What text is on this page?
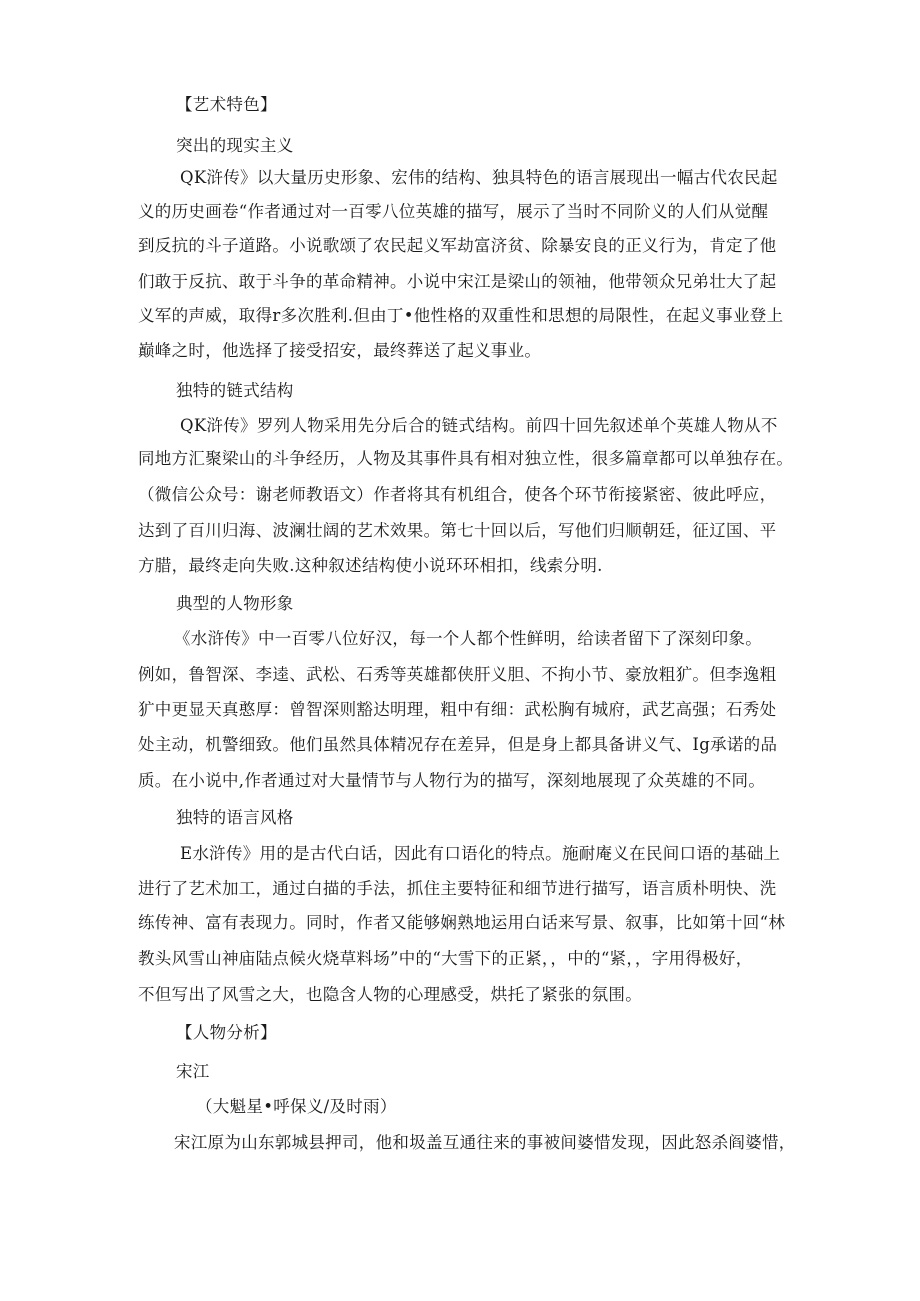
【艺术特色】
突出的现实主义
QK浒传》以大量历史形象、宏伟的结构、独具特色的语言展现出一幅古代农民起
义的历史画卷“作者通过对一百零八位英雄的描写，展示了当时不同阶义的人们从觉醒
到反抗的斗子道路。小说歌颂了农民起义军劫富济贫、除暴安良的正义行为，肯定了他
们敢于反抗、敢于斗争的革命精神。小说中宋江是梁山的领袖，他带领众兄弟壮大了起
义军的声威，取得r多次胜利.但由丁•他性格的双重性和思想的局限性，在起义事业登上
巅峰之时，他选择了接受招安，最终葬送了起义事业。
独特的链式结构
QK浒传》罗列人物采用先分后合的链式结构。前四十回先叙述单个英雄人物从不
同地方汇聚梁山的斗争经历，人物及其事件具有相对独立性，很多篇章都可以单独存在。
（微信公众号：谢老师教语文）作者将其有机组合，使各个环节衔接紧密、彼此呼应，
达到了百川归海、波澜壮阔的艺术效果。第七十回以后，写他们归顺朝廷，征辽国、平
方腊，最终走向失败.这种叙述结构使小说环环相扣，线索分明.
典型的人物形象
《水浒传》中一百零八位好汉，每一个人都个性鲜明，给读者留下了深刻印象。
例如，鲁智深、李逵、武松、石秀等英雄都侠肝义胆、不拘小节、豪放粗犷。但李逸粗
犷中更显天真憨厚：曾智深则豁达明理，粗中有细：武松胸有城府，武艺高强；石秀处
处主动，机警细致。他们虽然具体精况存在差异，但是身上都具备讲义气、Ig承诺的品
质。在小说中,作者通过对大量情节与人物行为的描写，深刻地展现了众英雄的不同。
独特的语言风格
E水浒传》用的是古代白话，因此有口语化的特点。施耐庵义在民间口语的基础上
进行了艺术加工，通过白描的手法，抓住主要特征和细节进行描写，语言质朴明快、洗
练传神、富有表现力。同时，作者又能够娴熟地运用白话来写景、叙事，比如第十回“林
教头风雪山神庙陆点候火烧草料场”中的“大雪下的正紧，，中的“紧，，字用得极好，
不但写出了风雪之大，也隐含人物的心理感受，烘托了紧张的氛围。
【人物分析】
宋江
（大魁星•呼保义/及时雨）
宋江原为山东郭城县押司，他和圾盖互通往来的事被间婆惜发现，因此怒杀阎婆惜，
